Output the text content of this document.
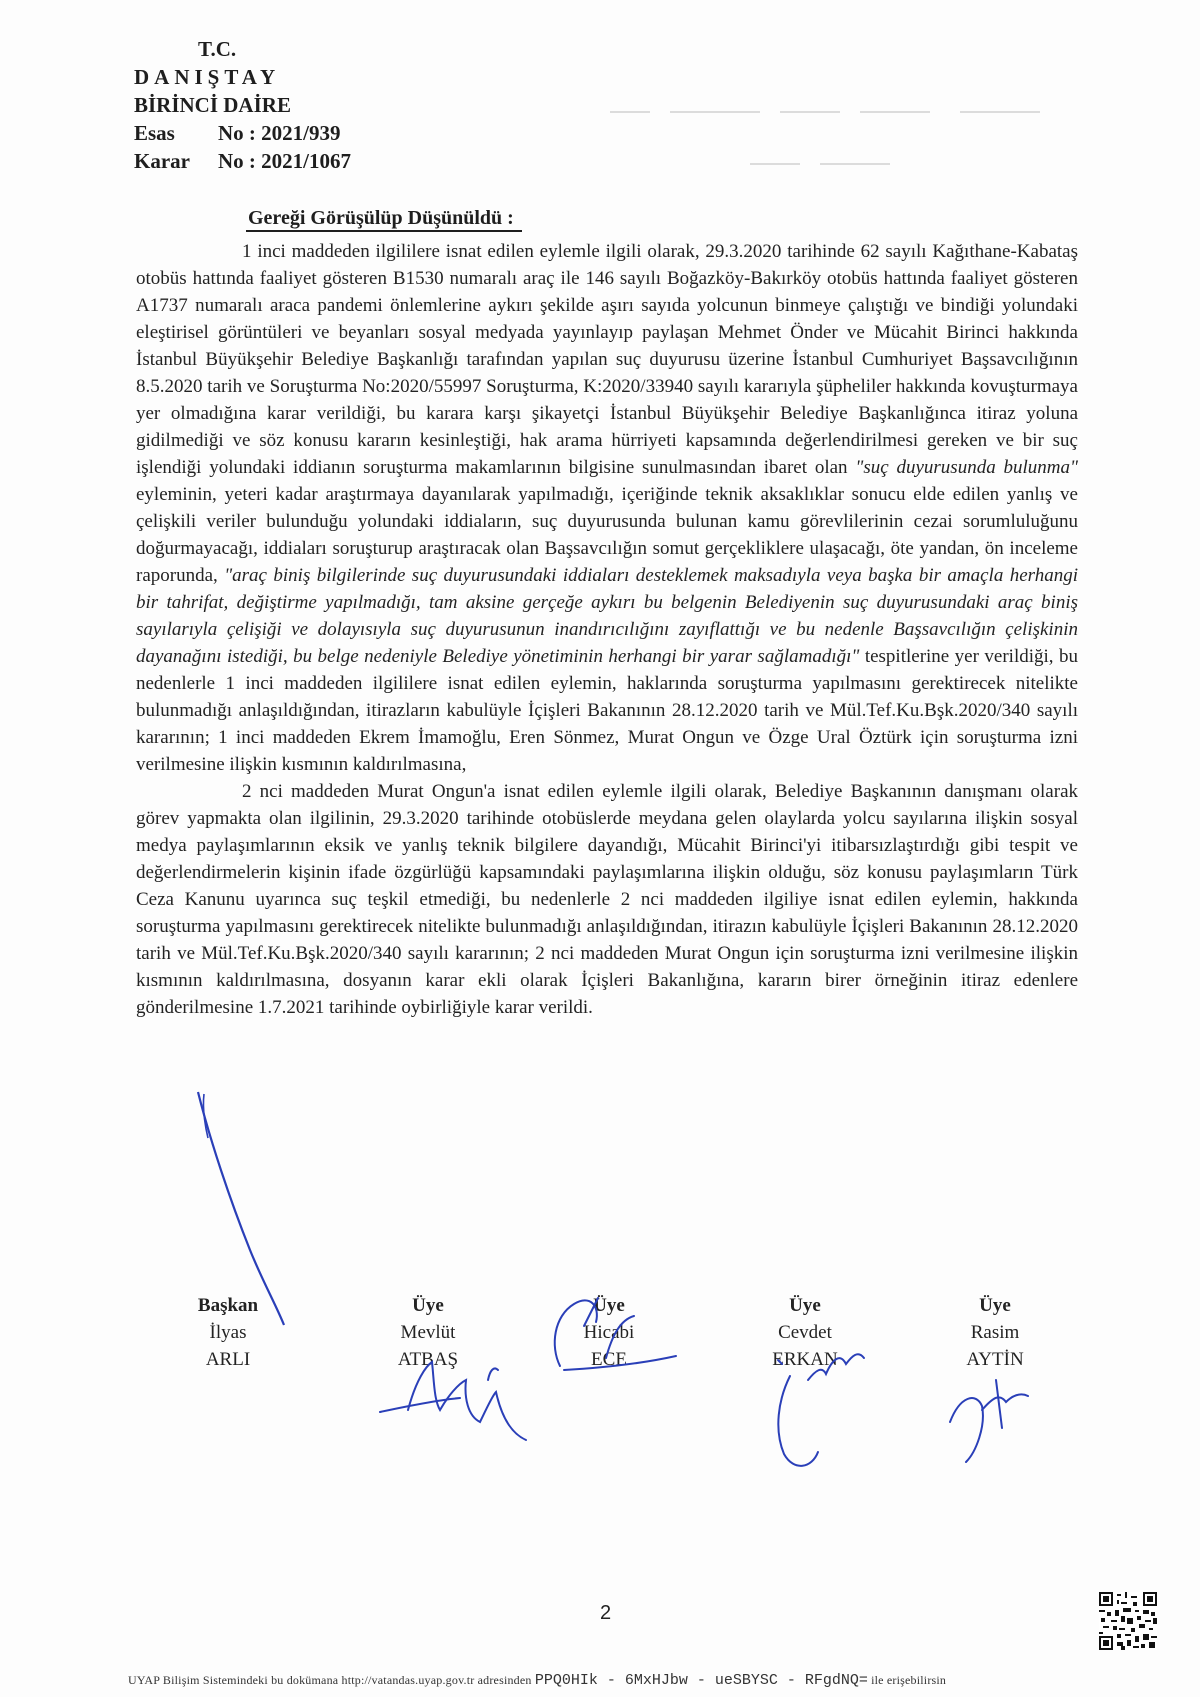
T.C.
DANIŞTAY
BİRİNCİ DAİRE
Esas No : 2021/939
Karar No : 2021/1067
Gereği Görüşülüp Düşünüldü :

1 inci maddeden ilgililere isnat edilen eylemle ilgili olarak, 29.3.2020 tarihinde 62 sayılı Kağıthane-Kabataş otobüs hattında faaliyet gösteren B1530 numaralı araç ile 146 sayılı Boğazköy-Bakırköy otobüs hattında faaliyet gösteren A1737 numaralı araca pandemi önlemlerine aykırı şekilde aşırı sayıda yolcunun binmeye çalıştığı ve bindiği yolundaki eleştirisel görüntüleri ve beyanları sosyal medyada yayınlayıp paylaşan Mehmet Önder ve Mücahit Birinci hakkında İstanbul Büyükşehir Belediye Başkanlığı tarafından yapılan suç duyurusu üzerine İstanbul Cumhuriyet Başsavcılığının 8.5.2020 tarih ve Soruşturma No:2020/55997 Soruşturma, K:2020/33940 sayılı kararıyla şüpheliler hakkında kovuşturmaya yer olmadığına karar verildiği, bu karara karşı şikayetçi İstanbul Büyükşehir Belediye Başkanlığınca itiraz yoluna gidilmediği ve söz konusu kararın kesinleştiği, hak arama hürriyeti kapsamında değerlendirilmesi gereken ve bir suç işlendiği yolundaki iddianın soruşturma makamlarının bilgisine sunulmasından ibaret olan "suç duyurusunda bulunma" eyleminin, yeteri kadar araştırmaya dayanılarak yapılmadığı, içeriğinde teknik aksaklıklar sonucu elde edilen yanlış ve çelişkili veriler bulunduğu yolundaki iddiaların, suç duyurusunda bulunan kamu görevlilerinin cezai sorumluluğunu doğurmayacağı, iddiaları soruşturup araştıracak olan Başsavcılığın somut gerçekliklere ulaşacağı, öte yandan, ön inceleme raporunda, "araç biniş bilgilerinde suç duyurusundaki iddiaları desteklemek maksadıyla veya başka bir amaçla herhangi bir tahrifat, değiştirme yapılmadığı, tam aksine gerçeğe aykırı bu belgenin Belediyenin suç duyurusundaki araç biniş sayılarıyla çelişiği ve dolayısıyla suç duyurusunun inandırıcılığını zayıflattığı ve bu nedenle Başsavcılığın çelişkinin dayanağını istediği, bu belge nedeniyle Belediye yönetiminin herhangi bir yarar sağlamadığı" tespitlerine yer verildiği, bu nedenlerle 1 inci maddeden ilgililere isnat edilen eylemin, haklarında soruşturma yapılmasını gerektirecek nitelikte bulunmadığı anlaşıldığından, itirazların kabulüyle İçişleri Bakanının 28.12.2020 tarih ve Mül.Tef.Ku.Bşk.2020/340 sayılı kararının; 1 inci maddeden Ekrem İmamoğlu, Eren Sönmez, Murat Ongun ve Özge Ural Öztürk için soruşturma izni verilmesine ilişkin kısmının kaldırılmasına,

2 nci maddeden Murat Ongun'a isnat edilen eylemle ilgili olarak, Belediye Başkanının danışmanı olarak görev yapmakta olan ilgilinin, 29.3.2020 tarihinde otobüslerde meydana gelen olaylarda yolcu sayılarına ilişkin sosyal medya paylaşımlarının eksik ve yanlış teknik bilgilere dayandığı, Mücahit Birinci'yi itibarsızlaştırdığı gibi tespit ve değerlendirmelerin kişinin ifade özgürlüğü kapsamındaki paylaşımlarına ilişkin olduğu, söz konusu paylaşımların Türk Ceza Kanunu uyarınca suç teşkil etmediği, bu nedenlerle 2 nci maddeden ilgiliye isnat edilen eylemin, hakkında soruşturma yapılmasını gerektirecek nitelikte bulunmadığı anlaşıldığından, itirazın kabulüyle İçişleri Bakanının 28.12.2020 tarih ve Mül.Tef.Ku.Bşk.2020/340 sayılı kararının; 2 nci maddeden Murat Ongun için soruşturma izni verilmesine ilişkin kısmının kaldırılmasına, dosyanın karar ekli olarak İçişleri Bakanlığına, kararın birer örneğinin itiraz edenlere gönderilmesine 1.7.2021 tarihinde oybirliğiyle karar verildi.

Başkan
İlyas
ARLI
Üye
Mevlüt
ATBAŞ
Üye
Hicabi
ECE
Üye
Cevdet
ERKAN
Üye
Rasim
AYTİN
2
UYAP Bilişim Sistemindeki bu dokümana http://vatandas.uyap.gov.tr adresinden PPQ0HIk - 6MxHJbw - ueSBYSC - RFgdNQ= ile erişebilirsin
